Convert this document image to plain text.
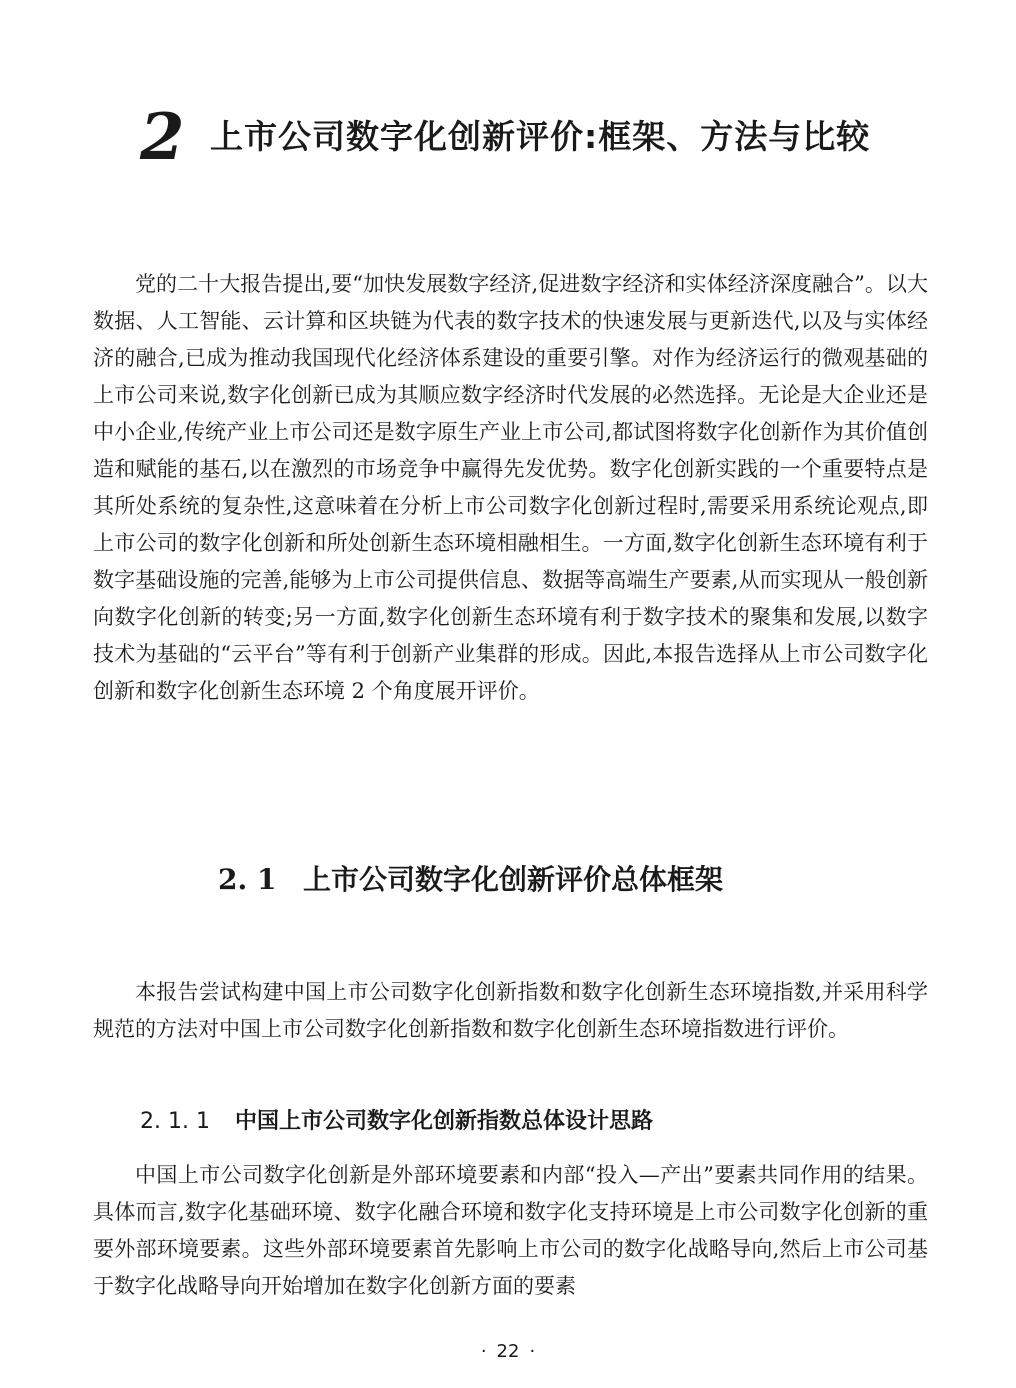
2 上市公司数字化创新评价:框架、方法与比较

党的二十大报告提出,要“加快发展数字经济,促进数字经济和实体经济深度融合”。以大数据、人工智能、云计算和区块链为代表的数字技术的快速发展与更新迭代,以及与实体经济的融合,已成为推动我国现代化经济体系建设的重要引擎。对作为经济运行的微观基础的上市公司来说,数字化创新已成为其顺应数字经济时代发展的必然选择。无论是大企业还是中小企业,传统产业上市公司还是数字原生产业上市公司,都试图将数字化创新作为其价值创造和赋能的基石,以在激烈的市场竞争中赢得先发优势。数字化创新实践的一个重要特点是其所处系统的复杂性,这意味着在分析上市公司数字化创新过程时,需要采用系统论观点,即上市公司的数字化创新和所处创新生态环境相融相生。一方面,数字化创新生态环境有利于数字基础设施的完善,能够为上市公司提供信息、数据等高端生产要素,从而实现从一般创新向数字化创新的转变;另一方面,数字化创新生态环境有利于数字技术的聚集和发展,以数字技术为基础的“云平台”等有利于创新产业集群的形成。因此,本报告选择从上市公司数字化创新和数字化创新生态环境 2 个角度展开评价。

2. 1 上市公司数字化创新评价总体框架

本报告尝试构建中国上市公司数字化创新指数和数字化创新生态环境指数,并采用科学规范的方法对中国上市公司数字化创新指数和数字化创新生态环境指数进行评价。

2. 1. 1 中国上市公司数字化创新指数总体设计思路

中国上市公司数字化创新是外部环境要素和内部“投入—产出”要素共同作用的结果。具体而言,数字化基础环境、数字化融合环境和数字化支持环境是上市公司数字化创新的重要外部环境要素。这些外部环境要素首先影响上市公司的数字化战略导向,然后上市公司基于数字化战略导向开始增加在数字化创新方面的要素

· 22 ·
